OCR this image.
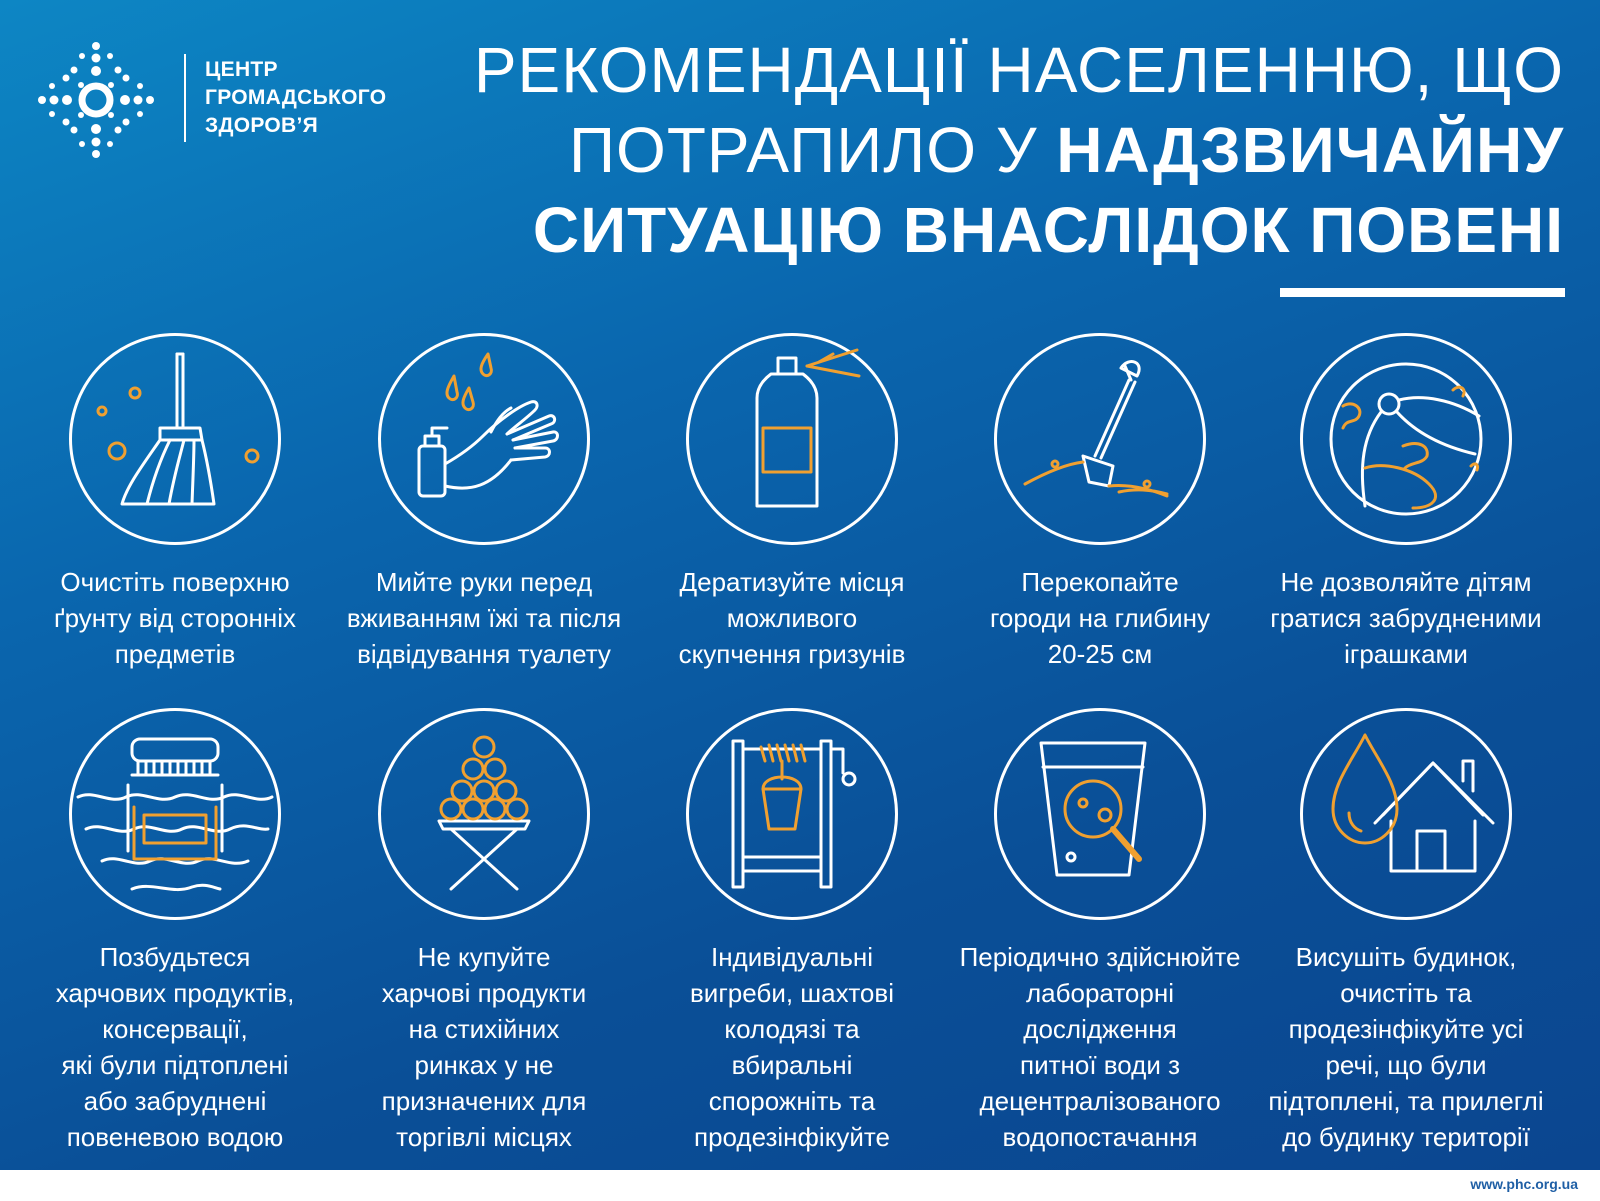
ЦЕНТР
ГРОМАДСЬКОГО
ЗДОРОВ’Я
РЕКОМЕНДАЦІЇ НАСЕЛЕННЮ, ЩО
ПОТРАПИЛО У НАДЗВИЧАЙНУ
СИТУАЦІЮ ВНАСЛІДОК ПОВЕНІ
Очистіть поверхню
ґрунту від сторонніх
предметів
Мийте руки перед
вживанням їжі та після
відвідування туалету
Дератизуйте місця
можливого
скупчення гризунів
Перекопайте
городи на глибину
20-25 см
Не дозволяйте дітям
гратися забрудненими
іграшками
Позбудьтеся
харчових продуктів,
консервації,
які були підтоплені
або забруднені
повеневою водою
Не купуйте
харчові продукти
на стихійних
ринках у не
призначених для
торгівлі місцях
Індивідуальні
вигреби, шахтові
колодязі та
вбиральні
спорожніть та
продезінфікуйте
Періодично здійснюйте
лабораторні
дослідження
питної води з
децентралізованого
водопостачання
Висушіть будинок,
очистіть та
продезінфікуйте усі
речі, що були
підтоплені, та прилеглі
до будинку території
www.phc.org.ua
